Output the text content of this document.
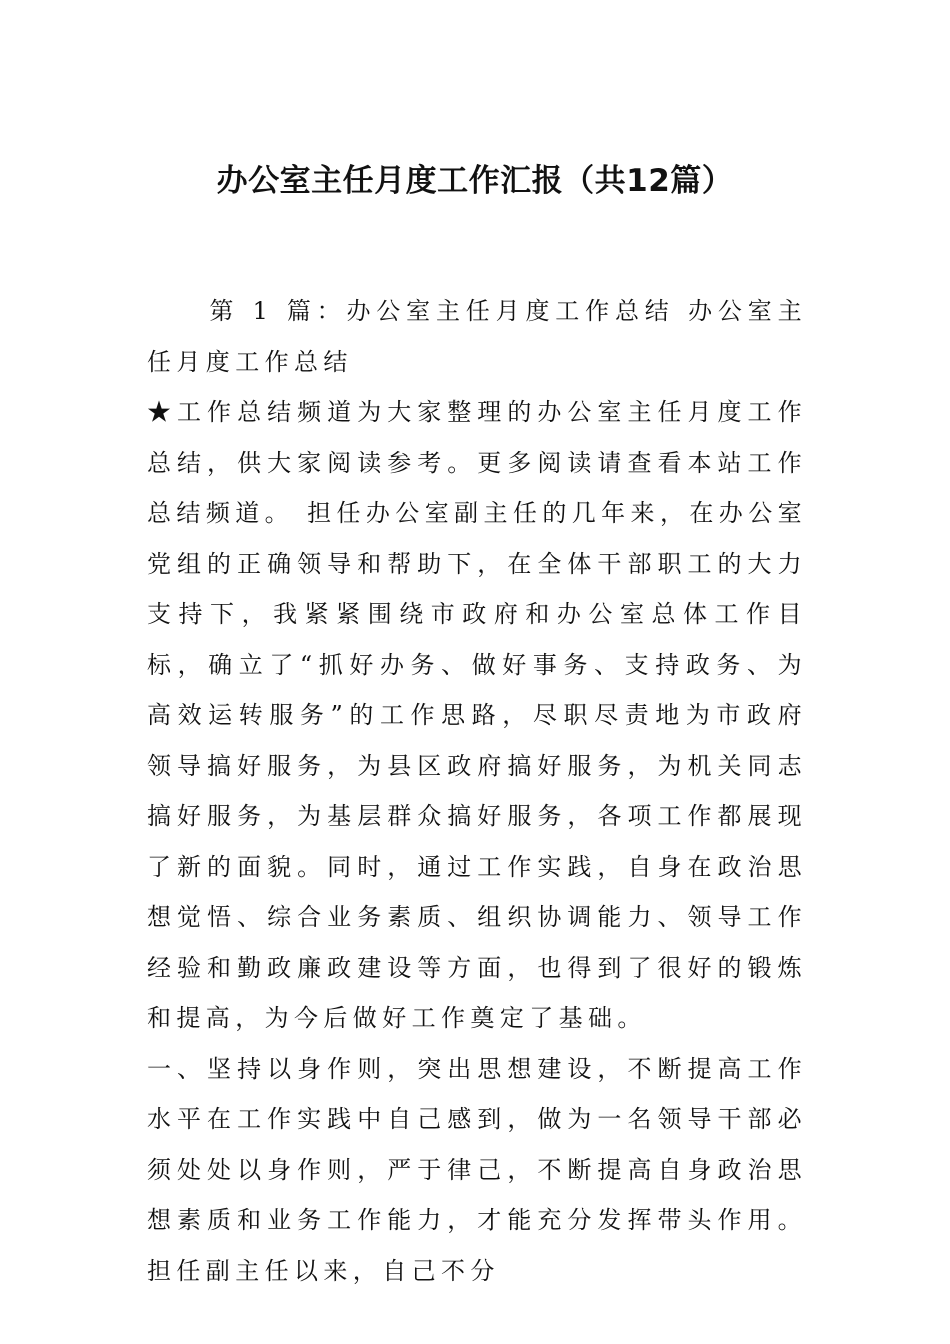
办公室主任月度工作汇报（共12篇）

第 1 篇：办公室主任月度工作总结 办公室主任月度工作总结

★工作总结频道为大家整理的办公室主任月度工作总结，供大家阅读参考。更多阅读请查看本站工作总结频道。 担任办公室副主任的几年来，在办公室党组的正确领导和帮助下，在全体干部职工的大力支持下，我紧紧围绕市政府和办公室总体工作目标，确立了“抓好办务、做好事务、支持政务、为高效运转服务”的工作思路，尽职尽责地为市政府领导搞好服务，为县区政府搞好服务，为机关同志搞好服务，为基层群众搞好服务，各项工作都展现了新的面貌。同时，通过工作实践，自身在政治思想觉悟、综合业务素质、组织协调能力、领导工作经验和勤政廉政建设等方面，也得到了很好的锻炼和提高，为今后做好工作奠定了基础。

一、坚持以身作则，突出思想建设，不断提高工作水平在工作实践中自己感到，做为一名领导干部必须处处以身作则，严于律己，不断提高自身政治思想素质和业务工作能力，才能充分发挥带头作用。担任副主任以来，自己不分
